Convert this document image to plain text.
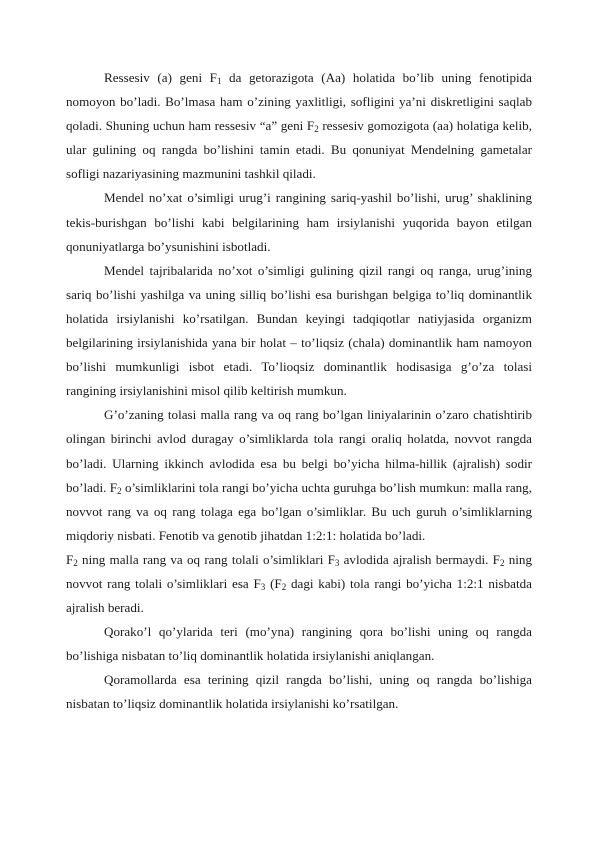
Ressesiv (a) geni $F_1$ da getorazigota (Aa) holatida bo’lib uning fenotipida nomoyon bo’ladi. Bo’lmasa ham o’zining yaxlitligi, sofligini ya’ni diskretligini saqlab qoladi. Shuning uchun ham ressesiv “a” geni $F_2$ ressesiv gomozigota (aa) holatiga kelib, ular gulining oq rangda bo’lishini tamin etadi. Bu qonuniyat Mendelning gametalar sofligi nazariyasining mazmunini tashkil qiladi.

Mendel no’xat o’simligi urug’i rangining sariq-yashil bo’lishi, urug’ shaklining tekis-burishgan bo’lishi kabi belgilarining ham irsiylanishi yuqorida bayon etilgan qonuniyatlarga bo’ysunishini isbotladi.

Mendel tajribalarida no’xot o’simligi gulining qizil rangi oq ranga, urug’ining sariq bo’lishi yashilga va uning silliq bo’lishi esa burishgan belgiga to’liq dominantlik holatida irsiylanishi ko’rsatilgan. Bundan keyingi tadqiqotlar natiyjasida organizm belgilarining irsiylanishida yana bir holat – to’liqsiz (chala) dominantlik ham namoyon bo’lishi mumkunligi isbot etadi. To’lioqsiz dominantlik hodisasiga g’o’za tolasi rangining irsiylanishini misol qilib keltirish mumkun.

G’o’zaning tolasi malla rang va oq rang bo’lgan liniyalarinin o’zaro chatishtirib olingan birinchi avlod duragay o’simliklarda tola rangi oraliq holatda, novvot rangda bo’ladi. Ularning ikkinch avlodida esa bu belgi bo’yicha hilma-hillik (ajralish) sodir bo’ladi. $F_2$ o’simliklarini tola rangi bo’yicha uchta guruhga bo’lish mumkun: malla rang, novvot rang va oq rang tolaga ega bo’lgan o’simliklar. Bu uch guruh o’simliklarning miqdoriy nisbati. Fenotib va genotib jihatdan 1:2:1: holatida bo’ladi.

$F_2$ ning malla rang va oq rang tolali o’simliklari $F_3$ avlodida ajralish bermaydi. $F_2$ ning novvot rang tolali o’simliklari esa $F_3$ ($F_2$ dagi kabi) tola rangi bo’yicha 1:2:1 nisbatda ajralish beradi.

Qorako’l qo’ylarida teri (mo’yna) rangining qora bo’lishi uning oq rangda bo’lishiga nisbatan to’liq dominantlik holatida irsiylanishi aniqlangan.

Qoramollarda esa terining qizil rangda bo’lishi, uning oq rangda bo’lishiga nisbatan to’liqsiz dominantlik holatida irsiylanishi ko’rsatilgan.
